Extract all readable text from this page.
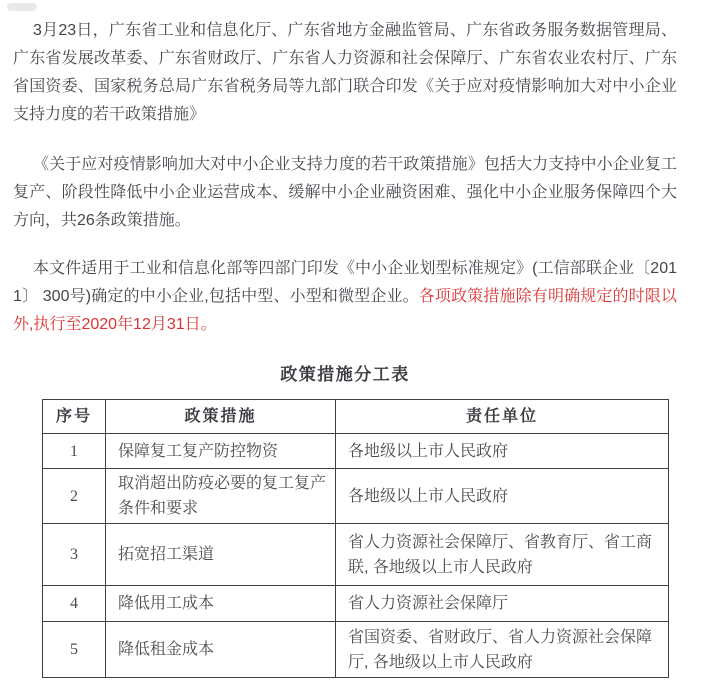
3月23日，广东省工业和信息化厅、广东省地方金融监管局、广东省政务服务数据管理局、广东省发展改革委、广东省财政厅、广东省人力资源和社会保障厅、广东省农业农村厅、广东省国资委、国家税务总局广东省税务局等九部门联合印发《关于应对疫情影响加大对中小企业支持力度的若干政策措施》

《关于应对疫情影响加大对中小企业支持力度的若干政策措施》包括大力支持中小企业复工复产、阶段性降低中小企业运营成本、缓解中小企业融资困难、强化中小企业服务保障四个大方向，共26条政策措施。

本文件适用于工业和信息化部等四部门印发《中小企业划型标准规定》(工信部联企业〔2011〕 300号)确定的中小企业,包括中型、小型和微型企业。各项政策措施除有明确规定的时限以外,执行至2020年12月31日。

政策措施分工表
序号	政策措施	责任单位
1	保障复工复产防控物资	各地级以上市人民政府
2	取消超出防疫必要的复工复产条件和要求	各地级以上市人民政府
3	拓宽招工渠道	省人力资源社会保障厅、省教育厅、省工商联, 各地级以上市人民政府
4	降低用工成本	省人力资源社会保障厅
5	降低租金成本	省国资委、省财政厅、省人力资源社会保障厅, 各地级以上市人民政府
